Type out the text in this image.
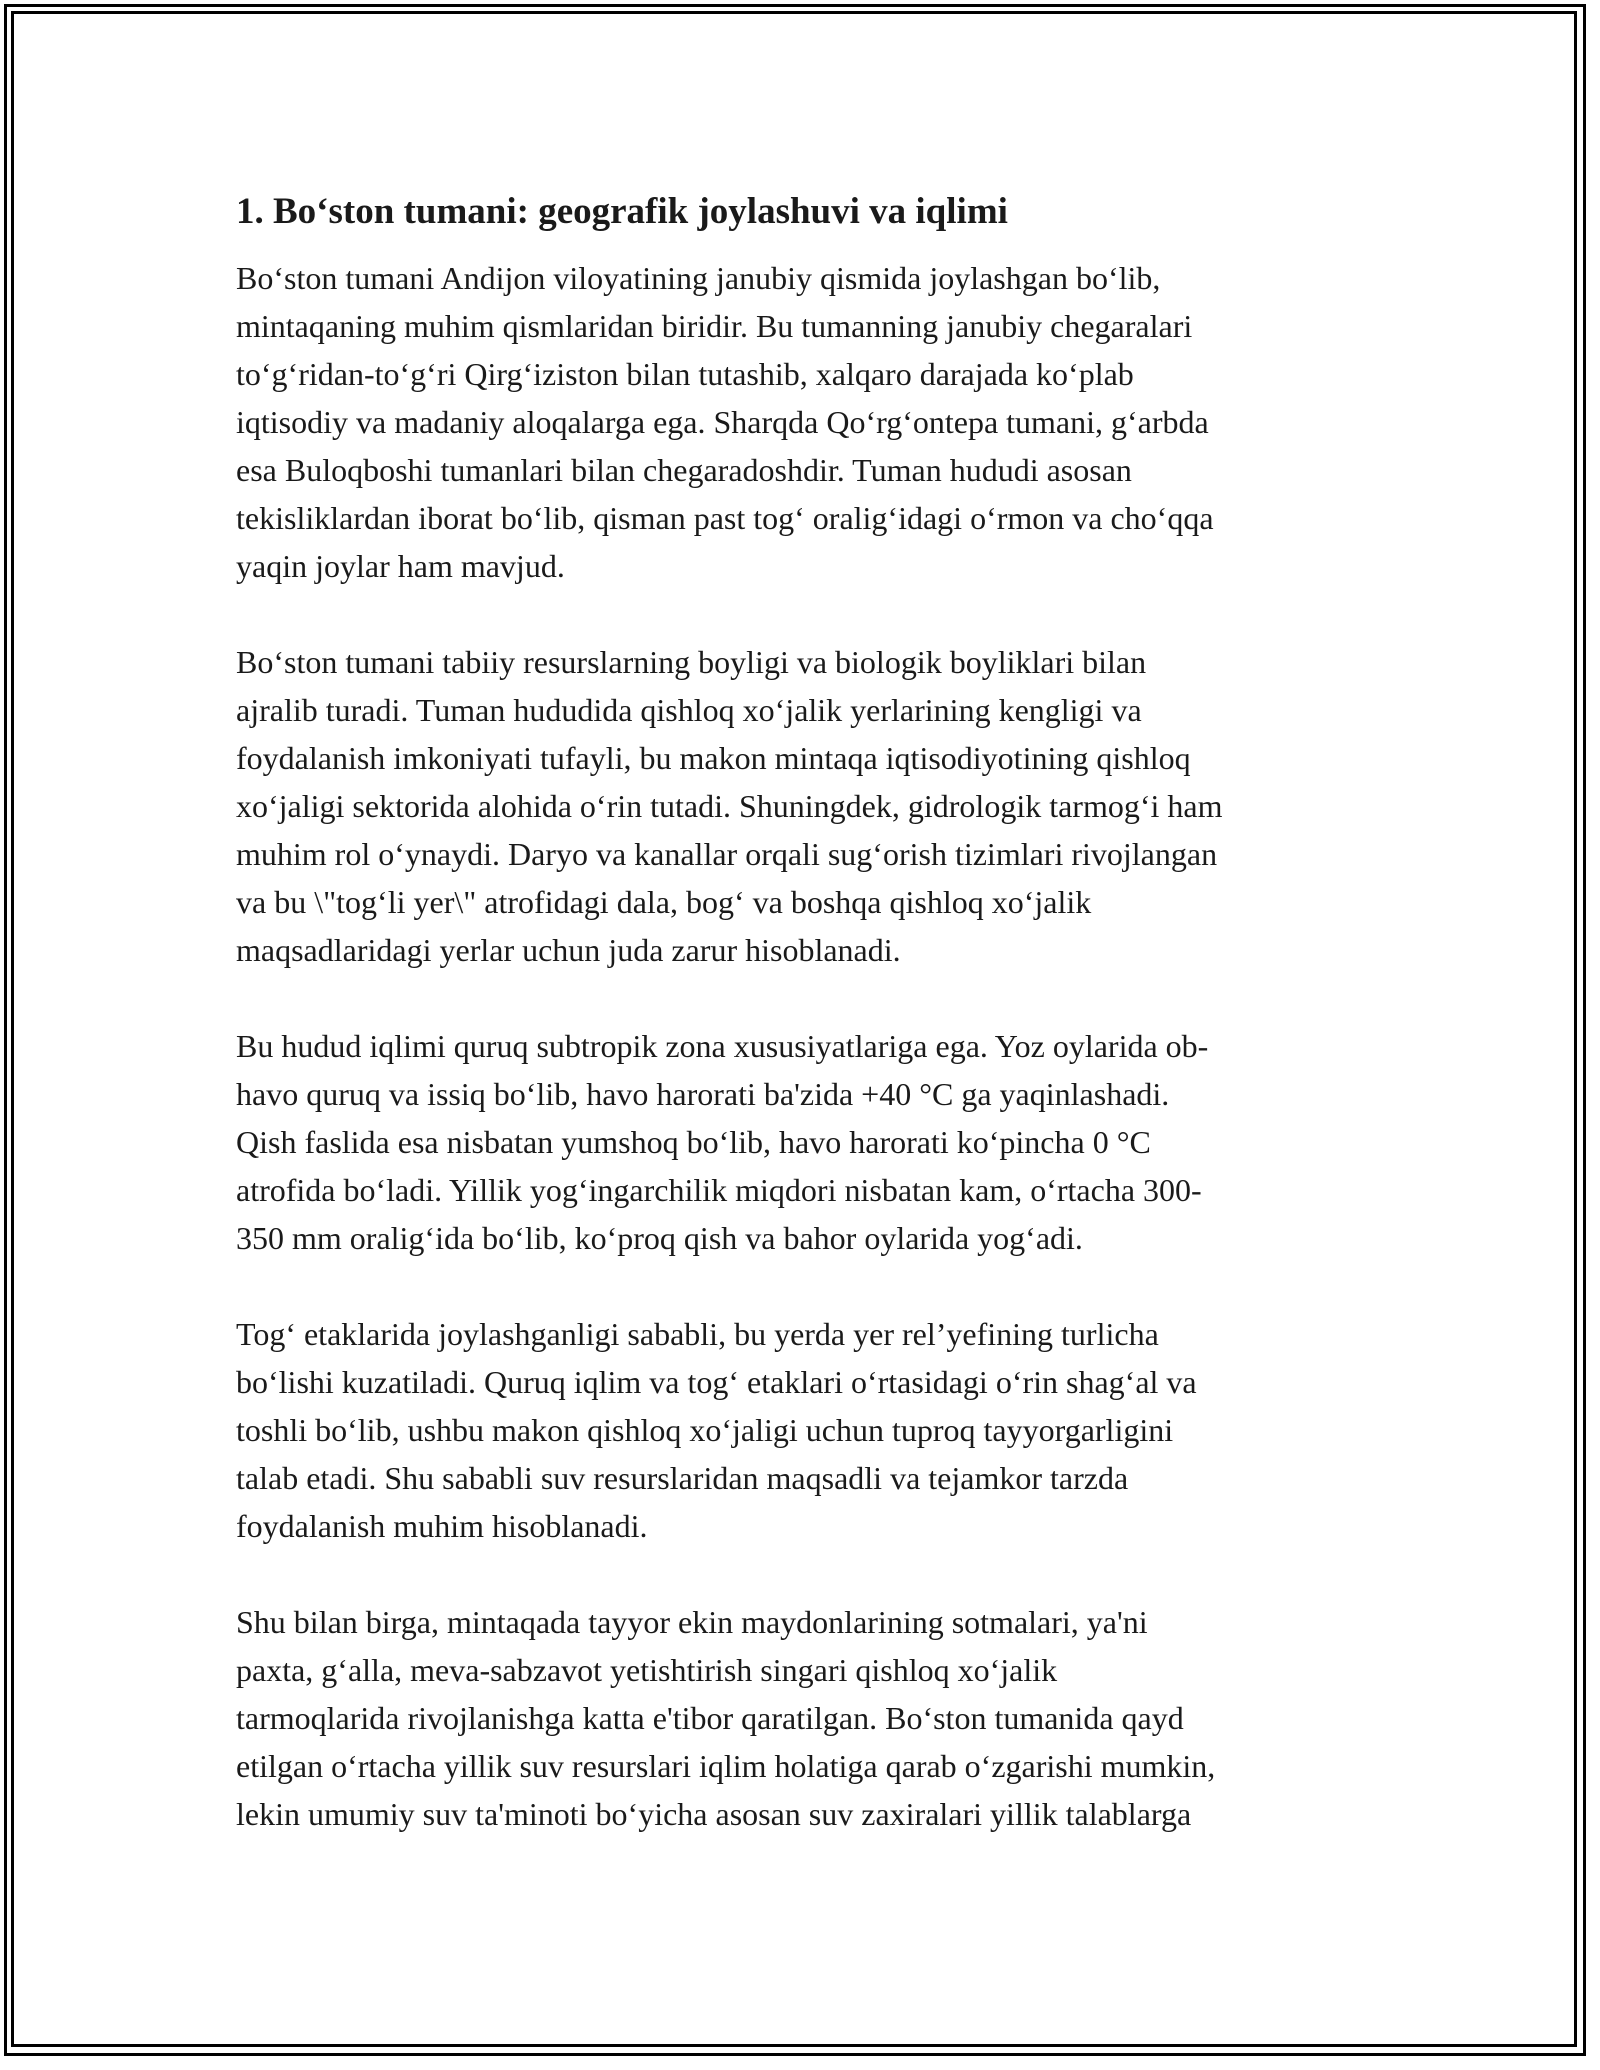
1. Bo‘ston tumani: geografik joylashuvi va iqlimi

Bo‘ston tumani Andijon viloyatining janubiy qismida joylashgan bo‘lib,
mintaqaning muhim qismlaridan biridir. Bu tumanning janubiy chegaralari
to‘g‘ridan-to‘g‘ri Qirg‘iziston bilan tutashib, xalqaro darajada ko‘plab
iqtisodiy va madaniy aloqalarga ega. Sharqda Qo‘rg‘ontepa tumani, g‘arbda
esa Buloqboshi tumanlari bilan chegaradoshdir. Tuman hududi asosan
tekisliklardan iborat bo‘lib, qisman past tog‘ oralig‘idagi o‘rmon va cho‘qqa
yaqin joylar ham mavjud.

Bo‘ston tumani tabiiy resurslarning boyligi va biologik boyliklari bilan
ajralib turadi. Tuman hududida qishloq xo‘jalik yerlarining kengligi va
foydalanish imkoniyati tufayli, bu makon mintaqa iqtisodiyotining qishloq
xo‘jaligi sektorida alohida o‘rin tutadi. Shuningdek, gidrologik tarmog‘i ham
muhim rol o‘ynaydi. Daryo va kanallar orqali sug‘orish tizimlari rivojlangan
va bu \"tog‘li yer\" atrofidagi dala, bog‘ va boshqa qishloq xo‘jalik
maqsadlaridagi yerlar uchun juda zarur hisoblanadi.

Bu hudud iqlimi quruq subtropik zona xususiyatlariga ega. Yoz oylarida ob-
havo quruq va issiq bo‘lib, havo harorati ba'zida +40 °C ga yaqinlashadi.
Qish faslida esa nisbatan yumshoq bo‘lib, havo harorati ko‘pincha 0 °C
atrofida bo‘ladi. Yillik yog‘ingarchilik miqdori nisbatan kam, o‘rtacha 300-
350 mm oralig‘ida bo‘lib, ko‘proq qish va bahor oylarida yog‘adi.

Tog‘ etaklarida joylashganligi sababli, bu yerda yer rel’yefining turlicha
bo‘lishi kuzatiladi. Quruq iqlim va tog‘ etaklari o‘rtasidagi o‘rin shag‘al va
toshli bo‘lib, ushbu makon qishloq xo‘jaligi uchun tuproq tayyorgarligini
talab etadi. Shu sababli suv resurslaridan maqsadli va tejamkor tarzda
foydalanish muhim hisoblanadi.

Shu bilan birga, mintaqada tayyor ekin maydonlarining sotmalari, ya'ni
paxta, g‘alla, meva-sabzavot yetishtirish singari qishloq xo‘jalik
tarmoqlarida rivojlanishga katta e'tibor qaratilgan. Bo‘ston tumanida qayd
etilgan o‘rtacha yillik suv resurslari iqlim holatiga qarab o‘zgarishi mumkin,
lekin umumiy suv ta'minoti bo‘yicha asosan suv zaxiralari yillik talablarga
